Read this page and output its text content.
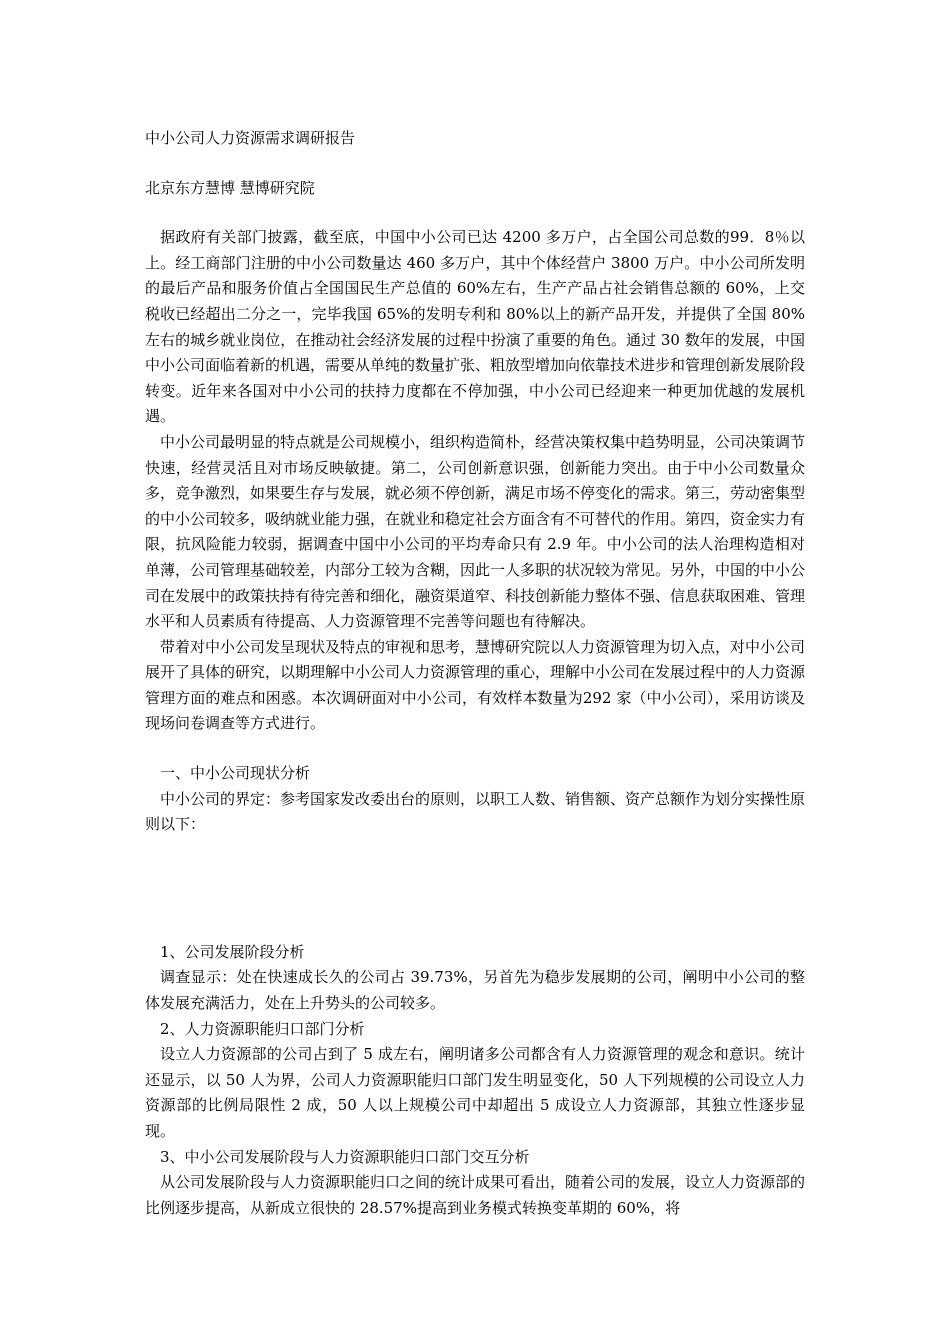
中小公司人力资源需求调研报告

北京东方慧博 慧博研究院

据政府有关部门披露，截至底，中国中小公司已达 4200 多万户，占全国公司总数的99．8％以上。经工商部门注册的中小公司数量达 460 多万户，其中个体经营户 3800 万户。中小公司所发明的最后产品和服务价值占全国国民生产总值的 60%左右，生产产品占社会销售总额的 60%，上交税收已经超出二分之一，完毕我国 65%的发明专利和 80%以上的新产品开发，并提供了全国 80%左右的城乡就业岗位，在推动社会经济发展的过程中扮演了重要的角色。通过 30 数年的发展，中国中小公司面临着新的机遇，需要从单纯的数量扩张、粗放型增加向依靠技术进步和管理创新发展阶段转变。近年来各国对中小公司的扶持力度都在不停加强，中小公司已经迎来一种更加优越的发展机遇。

中小公司最明显的特点就是公司规模小，组织构造简朴，经营决策权集中趋势明显，公司决策调节快速，经营灵活且对市场反映敏捷。第二，公司创新意识强，创新能力突出。由于中小公司数量众多，竞争激烈，如果要生存与发展，就必须不停创新，满足市场不停变化的需求。第三，劳动密集型的中小公司较多，吸纳就业能力强，在就业和稳定社会方面含有不可替代的作用。第四，资金实力有限，抗风险能力较弱，据调查中国中小公司的平均寿命只有 2.9 年。中小公司的法人治理构造相对单薄，公司管理基础较差，内部分工较为含糊，因此一人多职的状况较为常见。另外，中国的中小公司在发展中的政策扶持有待完善和细化，融资渠道窄、科技创新能力整体不强、信息获取困难、管理水平和人员素质有待提高、人力资源管理不完善等问题也有待解决。

带着对中小公司发呈现状及特点的审视和思考，慧博研究院以人力资源管理为切入点，对中小公司展开了具体的研究，以期理解中小公司人力资源管理的重心，理解中小公司在发展过程中的人力资源管理方面的难点和困惑。本次调研面对中小公司，有效样本数量为292 家（中小公司），采用访谈及现场问卷调查等方式进行。

一、中小公司现状分析

中小公司的界定：参考国家发改委出台的原则，以职工人数、销售额、资产总额作为划分实操性原则以下：

1、公司发展阶段分析

调查显示：处在快速成长久的公司占 39.73%，另首先为稳步发展期的公司，阐明中小公司的整体发展充满活力，处在上升势头的公司较多。

2、人力资源职能归口部门分析

设立人力资源部的公司占到了 5 成左右，阐明诸多公司都含有人力资源管理的观念和意识。统计还显示，以 50 人为界，公司人力资源职能归口部门发生明显变化，50 人下列规模的公司设立人力资源部的比例局限性 2 成，50 人以上规模公司中却超出 5 成设立人力资源部，其独立性逐步显现。

3、中小公司发展阶段与人力资源职能归口部门交互分析

从公司发展阶段与人力资源职能归口之间的统计成果可看出，随着公司的发展，设立人力资源部的比例逐步提高，从新成立很快的 28.57%提高到业务模式转换变革期的 60%，将
